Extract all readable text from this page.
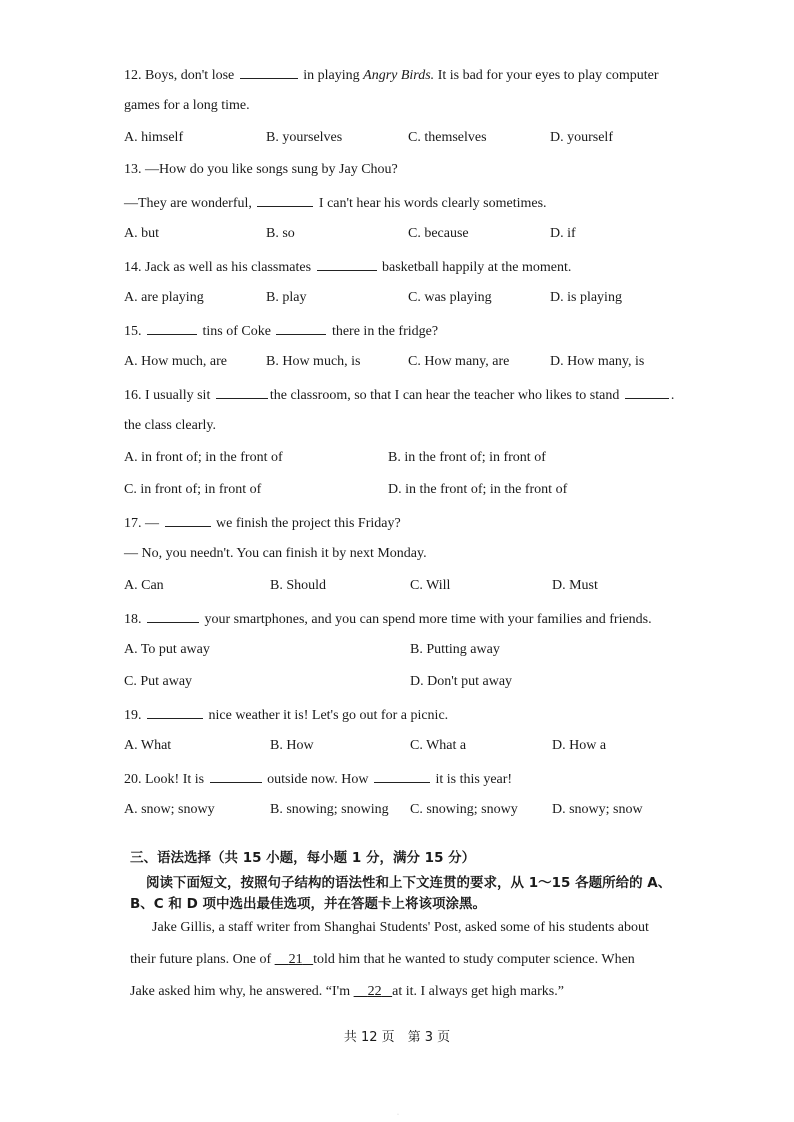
12. Boys, don't lose	in playing Angry Birds. It is bad for your eyes to play computer
games for a long time.
A. himself	B. yourselves	C. themselves	D. yourself
13. —How do you like songs sung by Jay Chou?
—They are wonderful,	I can't hear his words clearly sometimes.
A. but	B. so	C. because	D. if
14. Jack as well as his classmates	basketball happily at the moment.
A. are playing	B. play	C. was playing	D. is playing
15.	tins of Coke	there in the fridge?
A. How much, are	B. How much, is	C. How many, are	D. How many, is
16. I usually sit	the classroom, so that I can hear the teacher who likes to stand	.
the class clearly.
A. in front of; in the front of	B. in the front of; in front of
C. in front of; in front of	D. in the front of; in the front of
17. —	we finish the project this Friday?
— No, you needn't. You can finish it by next Monday.
A. Can	B. Should	C. Will	D. Must
18.	your smartphones, and you can spend more time with your families and friends.
A. To put away	B. Putting away
C. Put away	D. Don't put away
19.	nice weather it is! Let's go out for a picnic.
A. What	B. How	C. What a	D. How a
20. Look! It is	outside now. How	it is this year!
A. snow; snowy	B. snowing; snowing C. snowing; snowy D. snowy; snow
三、语法选择（共 15 小题，每小题 1 分，满分 15 分）
阅读下面短文，按照句子结构的语法性和上下文连贯的要求，从 1～15 各题所给的 A、
B、C 和 D 项中选出最佳选项，并在答题卡上将该项涂黑。
Jake Gillis, a staff writer from Shanghai Students' Post, asked some of his students about
their future plans. One of 21 told him that he wanted to study computer science. When
Jake asked him why, he answered. “I'm 22 at it. I always get high marks.”
共 12 页　第 3 页
·
